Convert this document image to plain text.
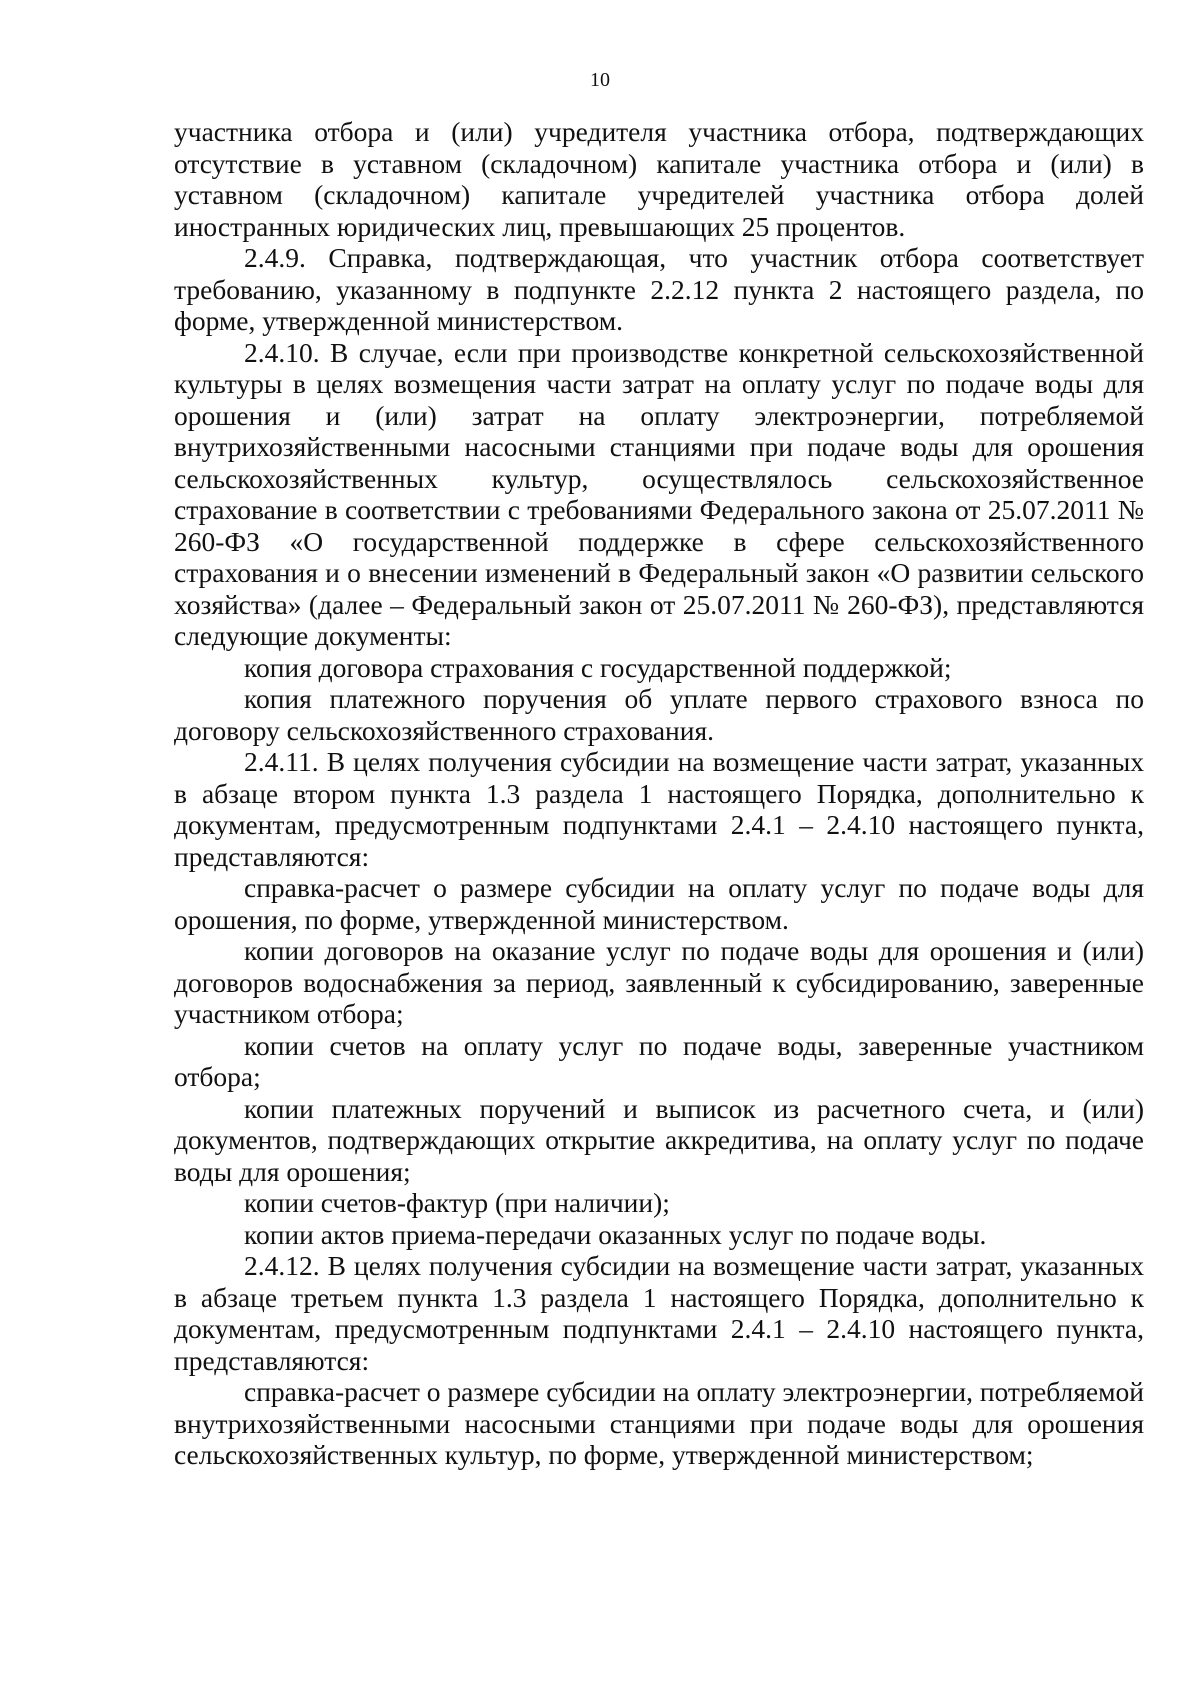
10

участника отбора и (или) учредителя участника отбора, подтверждающих отсутствие в уставном (складочном) капитале участника отбора и (или) в уставном (складочном) капитале учредителей участника отбора долей иностранных юридических лиц, превышающих 25 процентов.

2.4.9. Справка, подтверждающая, что участник отбора соответствует требованию, указанному в подпункте 2.2.12 пункта 2 настоящего раздела, по форме, утвержденной министерством.

2.4.10. В случае, если при производстве конкретной сельскохозяйственной культуры в целях возмещения части затрат на оплату услуг по подаче воды для орошения и (или) затрат на оплату электроэнергии, потребляемой внутрихозяйственными насосными станциями при подаче воды для орошения сельскохозяйственных культур, осуществлялось сельскохозяйственное страхование в соответствии с требованиями Федерального закона от 25.07.2011 № 260-ФЗ «О государственной поддержке в сфере сельскохозяйственного страхования и о внесении изменений в Федеральный закон «О развитии сельского хозяйства» (далее – Федеральный закон от 25.07.2011 № 260-ФЗ), представляются следующие документы:

копия договора страхования с государственной поддержкой;

копия платежного поручения об уплате первого страхового взноса по договору сельскохозяйственного страхования.

2.4.11. В целях получения субсидии на возмещение части затрат, указанных в абзаце втором пункта 1.3 раздела 1 настоящего Порядка, дополнительно к документам, предусмотренным подпунктами 2.4.1 – 2.4.10 настоящего пункта, представляются:

справка-расчет о размере субсидии на оплату услуг по подаче воды для орошения, по форме, утвержденной министерством.

копии договоров на оказание услуг по подаче воды для орошения и (или) договоров водоснабжения за период, заявленный к субсидированию, заверенные участником отбора;

копии счетов на оплату услуг по подаче воды, заверенные участником отбора;

копии платежных поручений и выписок из расчетного счета, и (или) документов, подтверждающих открытие аккредитива, на оплату услуг по подаче воды для орошения;

копии счетов-фактур (при наличии);

копии актов приема-передачи оказанных услуг по подаче воды.

2.4.12. В целях получения субсидии на возмещение части затрат, указанных в абзаце третьем пункта 1.3 раздела 1 настоящего Порядка, дополнительно к документам, предусмотренным подпунктами 2.4.1 – 2.4.10 настоящего пункта, представляются:

справка-расчет о размере субсидии на оплату электроэнергии, потребляемой внутрихозяйственными насосными станциями при подаче воды для орошения сельскохозяйственных культур, по форме, утвержденной министерством;
